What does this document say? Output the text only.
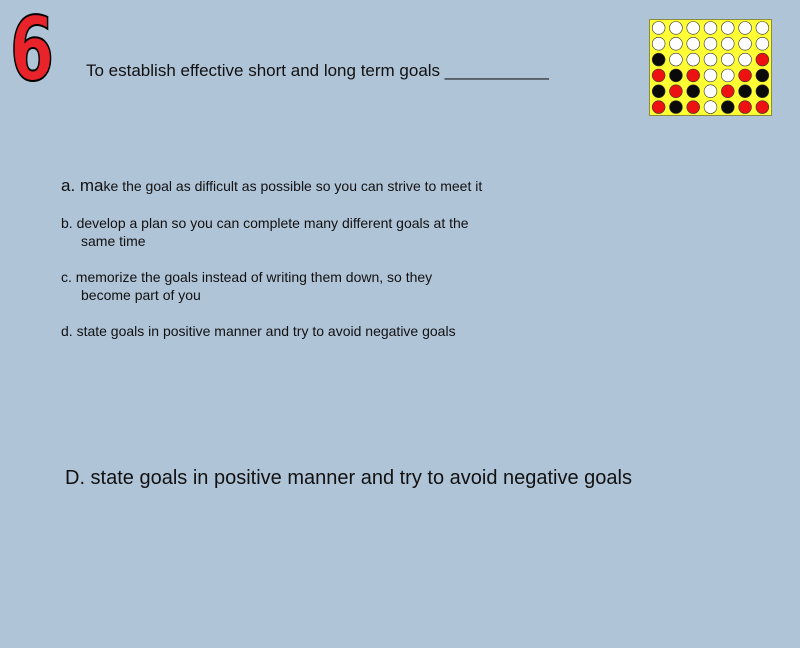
6 To establish effective short and long term goals ___________
a. make the goal as difficult as possible so you can strive to meet it
b. develop a plan so you can complete many different goals at the
same time
c. memorize the goals instead of writing them down, so they
become part of you
d. state goals in positive manner and try to avoid negative goals
D. state goals in positive manner and try to avoid negative goals
